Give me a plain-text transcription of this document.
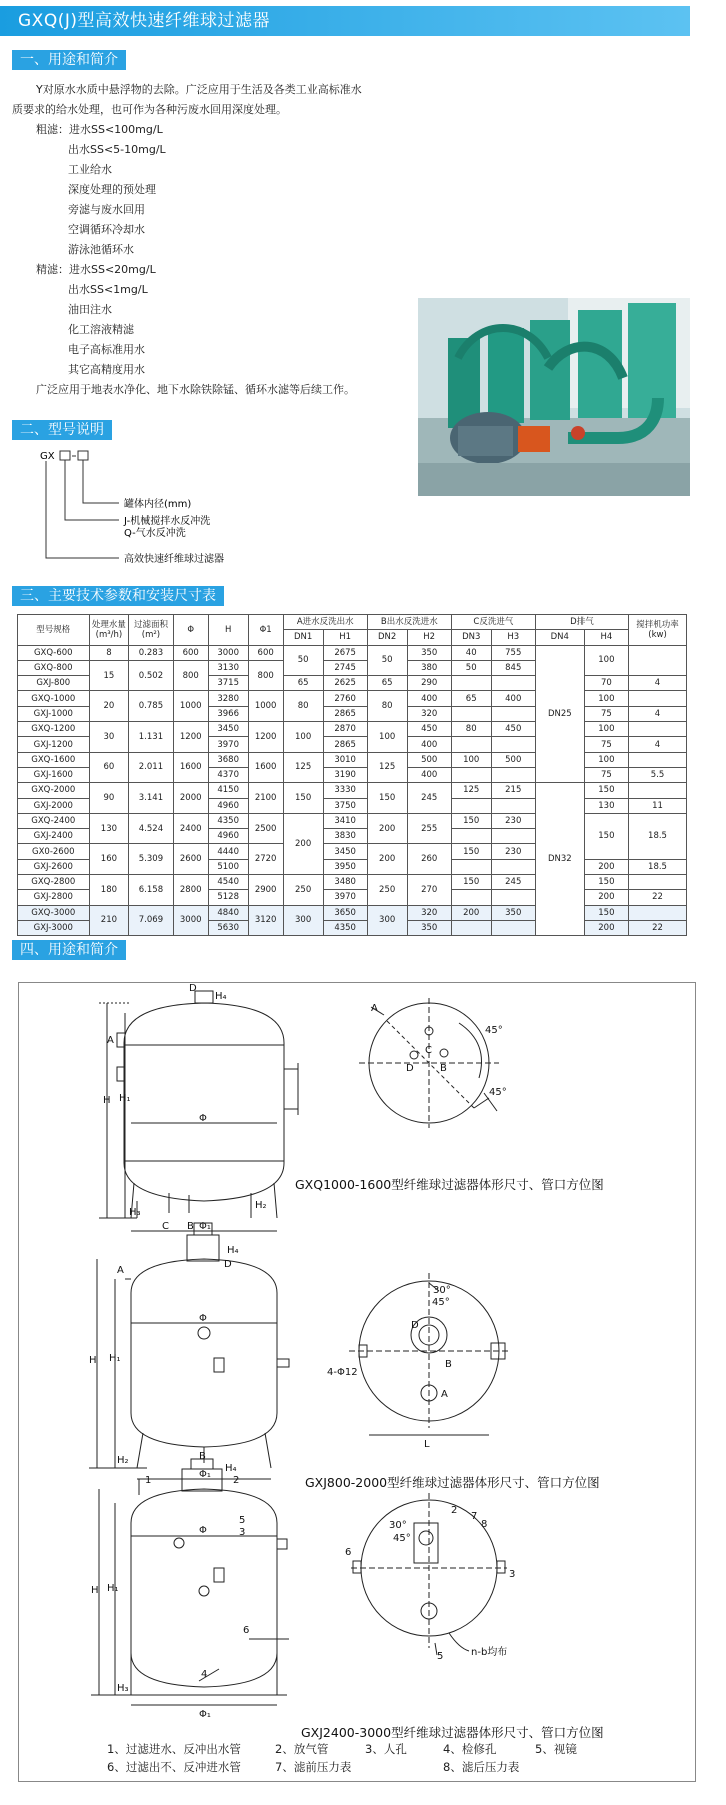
GXQ(J)型高效快速纤维球过滤器
一、用途和简介

Y对原水水质中悬浮物的去除。广泛应用于生活及各类工业高标准水

质要求的给水处理，也可作为各种污废水回用深度处理。

粗滤：进水SS<100mg/L

出水SS<5-10mg/L

工业给水

深度处理的预处理

旁滤与废水回用

空调循环冷却水

游泳池循环水

精滤：进水SS<20mg/L

出水SS<1mg/L

油田注水

化工溶液精滤

电子高标准用水

其它高精度用水

广泛应用于地表水净化、地下水除铁除锰、循环水滤等后续工作。

二、型号说明
GX
罐体内径(mm)
J-机械搅拌水反冲洗
Q-气水反冲洗
高效快速纤维球过滤器
三、主要技术参数和安装尺寸表
型号规格	处理水量(m³/h)	过滤面积(m²)	Φ	H	Φ1	A进水反洗出水		B出水反洗进水		C反洗进气		D排气		搅拌机功率(kw)
						DN1	H1	DN2	H2	DN3	H3	DN4	H4	
GXQ-600	8	0.283	600	3000	600	50	2675	50	350	40	755	DN25	100	
GXQ-800	15	0.502	800	3130	800		2745		380	50	845			
GXJ-800				3715		65	2625	65	290				70	4
GXQ-1000	20	0.785	1000	3280	1000	80	2760	80	400	65	400		100	
GXJ-1000				3966			2865		320				75	4
GXQ-1200	30	1.131	1200	3450	1200	100	2870	100	450	80	450		100	
GXJ-1200				3970			2865		400				75	4
GXQ-1600	60	2.011	1600	3680	1600	125	3010	125	500	100	500		100	
GXJ-1600				4370			3190		400				75	5.5
GXQ-2000	90	3.141	2000	4150	2100	150	3330	150	245	125	215	DN32	150	
GXJ-2000				4960			3750						130	11
GXQ-2400	130	4.524	2400	4350	2500	200	3410	200	255	150	230		150	18.5
GXJ-2400				4960			3830							
GX0-2600	160	5.309	2600	4440	2720		3450	200	260	150	230			
GXJ-2600				5100			3950						200	18.5
GXQ-2800	180	6.158	2800	4540	2900	250	3480	250	270	150	245		150	
GXJ-2800				5128			3970						200	22
GXQ-3000	210	7.069	3000	4840	3120	300	3650	300	320	200	350		150	
GXJ-3000				5630			4350		350				200	22
四、用途和简介
D
A
H H₁
Φ
Φ₁
C B
H₃
H₂
H₄
A
C
D	B
45°
45°
A
D
H H₁
Φ
B
Φ₁
H₂
H₄
30°
45°
D
B
A
4-Φ12
L
1	2
H₄
5
3
Φ
H H₁
6
4
H₃
Φ₁
2
7
8
30°
45°
6
3
5	n-b均布
GXQ1000-1600型纤维球过滤器体形尺寸、管口方位图
GXJ800-2000型纤维球过滤器体形尺寸、管口方位图
GXJ2400-3000型纤维球过滤器体形尺寸、管口方位图
1、过滤进水、反冲出水管	2、放气管	3、人孔	4、检修孔	5、视镜
6、过滤出不、反冲进水管	7、滤前压力表	8、滤后压力表
